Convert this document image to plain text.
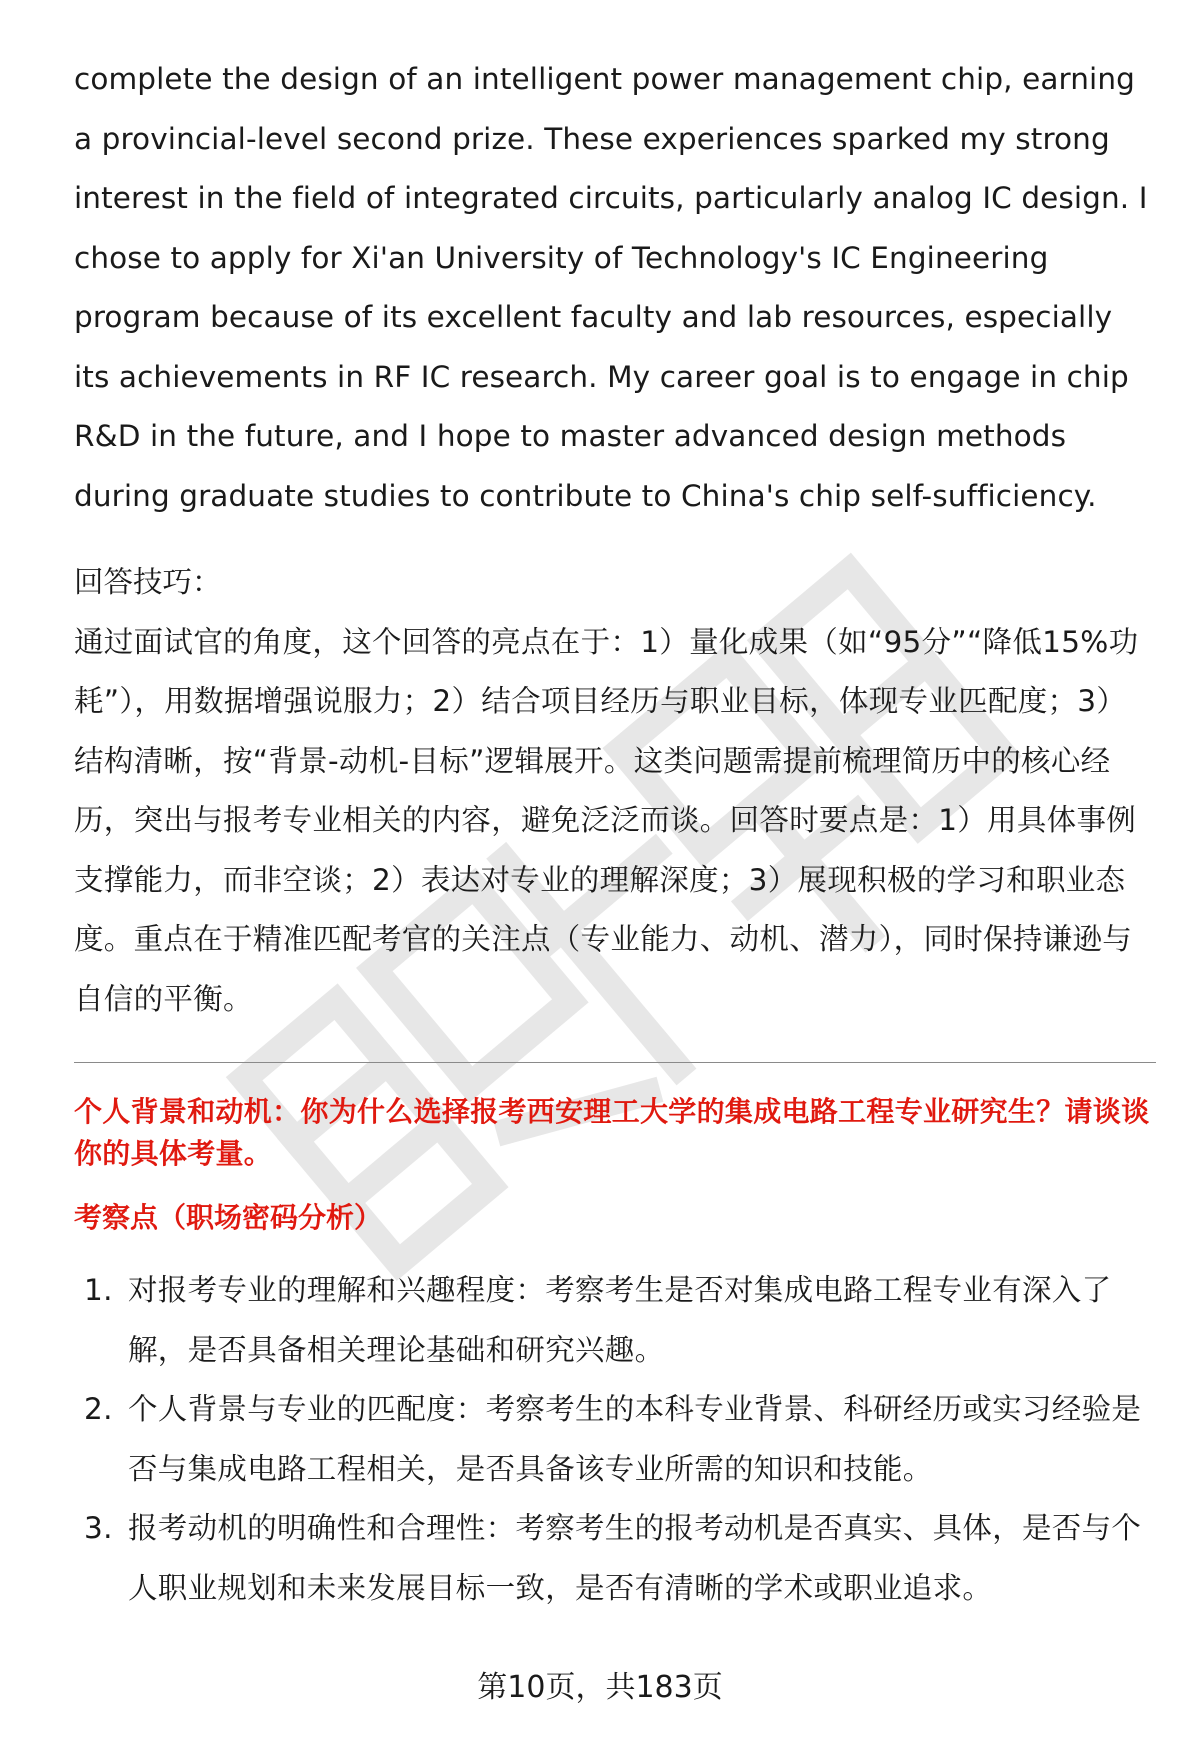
complete the design of an intelligent power management chip, earning a provincial-level second prize. These experiences sparked my strong interest in the field of integrated circuits, particularly analog IC design. I chose to apply for Xi'an University of Technology's IC Engineering program because of its excellent faculty and lab resources, especially its achievements in RF IC research. My career goal is to engage in chip R&D in the future, and I hope to master advanced design methods during graduate studies to contribute to China's chip self-sufficiency.

回答技巧：

通过面试官的角度，这个回答的亮点在于：1）量化成果（如“95分”“降低15%功耗”），用数据增强说服力；2）结合项目经历与职业目标，体现专业匹配度；3）结构清晰，按“背景-动机-目标”逻辑展开。这类问题需提前梳理简历中的核心经历，突出与报考专业相关的内容，避免泛泛而谈。回答时要点是：1）用具体事例支撑能力，而非空谈；2）表达对专业的理解深度；3）展现积极的学习和职业态度。重点在于精准匹配考官的关注点（专业能力、动机、潜力），同时保持谦逊与自信的平衡。

个人背景和动机：你为什么选择报考西安理工大学的集成电路工程专业研究生？请谈谈你的具体考量。

考察点（职场密码分析）

1. 对报考专业的理解和兴趣程度：考察考生是否对集成电路工程专业有深入了解，是否具备相关理论基础和研究兴趣。
2. 个人背景与专业的匹配度：考察考生的本科专业背景、科研经历或实习经验是否与集成电路工程相关，是否具备该专业所需的知识和技能。
3. 报考动机的明确性和合理性：考察考生的报考动机是否真实、具体，是否与个人职业规划和未来发展目标一致，是否有清晰的学术或职业追求。
第10页，共183页
